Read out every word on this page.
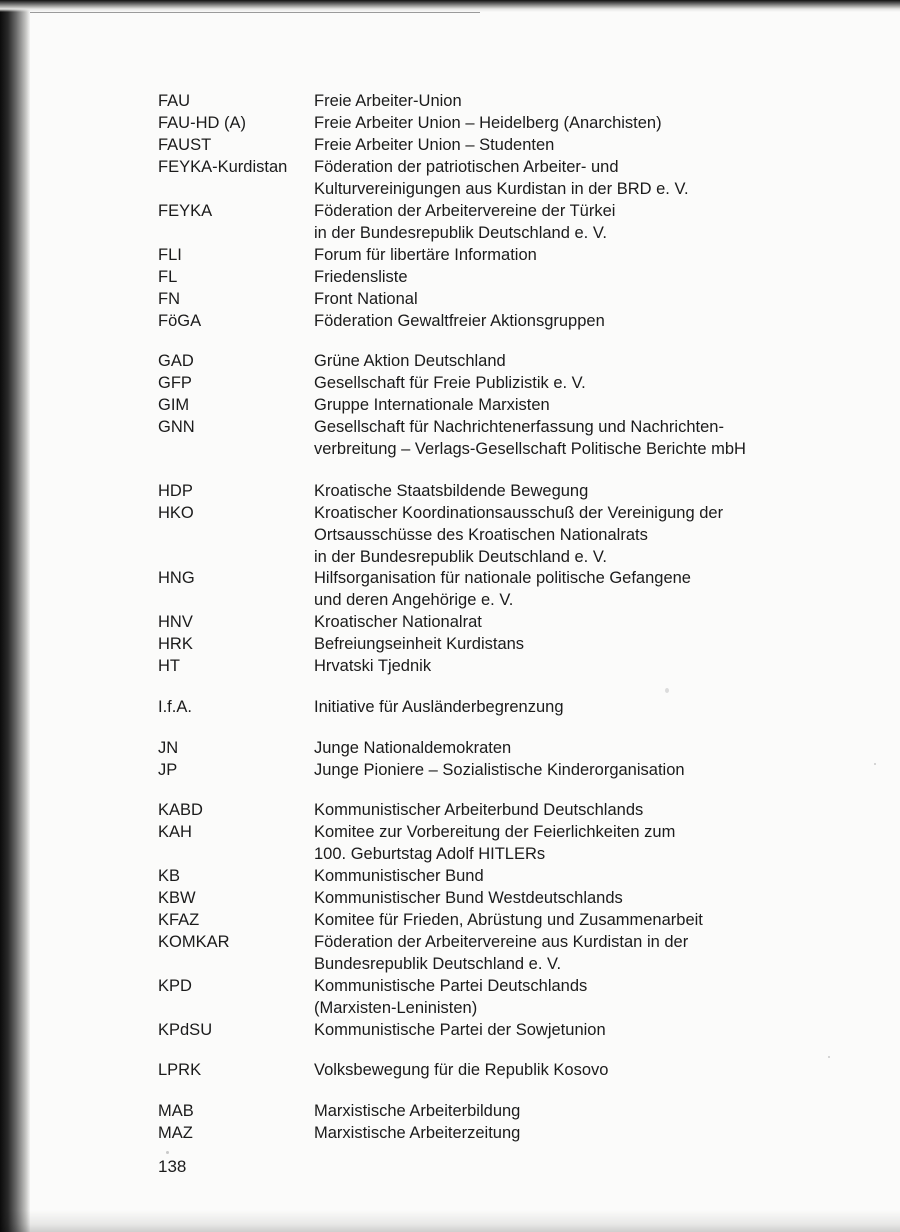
FAU	Freie Arbeiter-Union
FAU-HD (A)	Freie Arbeiter Union – Heidelberg (Anarchisten)
FAUST	Freie Arbeiter Union – Studenten
FEYKA-Kurdistan Föderation der patriotischen Arbeiter- und
Kulturvereinigungen aus Kurdistan in der BRD e. V.
FEYKA	Föderation der Arbeitervereine der Türkei
in der Bundesrepublik Deutschland e. V.
FLI	Forum für libertäre Information
FL	Friedensliste
FN	Front National
FöGA	Föderation Gewaltfreier Aktionsgruppen
GAD	Grüne Aktion Deutschland
GFP	Gesellschaft für Freie Publizistik e. V.
GIM	Gruppe Internationale Marxisten
GNN	Gesellschaft für Nachrichtenerfassung und Nachrichten-
verbreitung – Verlags-Gesellschaft Politische Berichte mbH
HDP	Kroatische Staatsbildende Bewegung
HKO	Kroatischer Koordinationsausschuß der Vereinigung der
Ortsausschüsse des Kroatischen Nationalrats
in der Bundesrepublik Deutschland e. V.
HNG	Hilfsorganisation für nationale politische Gefangene
und deren Angehörige e. V.
HNV	Kroatischer Nationalrat
HRK	Befreiungseinheit Kurdistans
HT	Hrvatski Tjednik
I.f.A.	Initiative für Ausländerbegrenzung
JN	Junge Nationaldemokraten
JP	Junge Pioniere – Sozialistische Kinderorganisation
KABD	Kommunistischer Arbeiterbund Deutschlands
KAH	Komitee zur Vorbereitung der Feierlichkeiten zum
100. Geburtstag Adolf HITLERs
KB	Kommunistischer Bund
KBW	Kommunistischer Bund Westdeutschlands
KFAZ	Komitee für Frieden, Abrüstung und Zusammenarbeit
KOMKAR	Föderation der Arbeitervereine aus Kurdistan in der
Bundesrepublik Deutschland e. V.
KPD	Kommunistische Partei Deutschlands
(Marxisten-Leninisten)
KPdSU	Kommunistische Partei der Sowjetunion
LPRK	Volksbewegung für die Republik Kosovo
MAB	Marxistische Arbeiterbildung
MAZ	Marxistische Arbeiterzeitung
138
